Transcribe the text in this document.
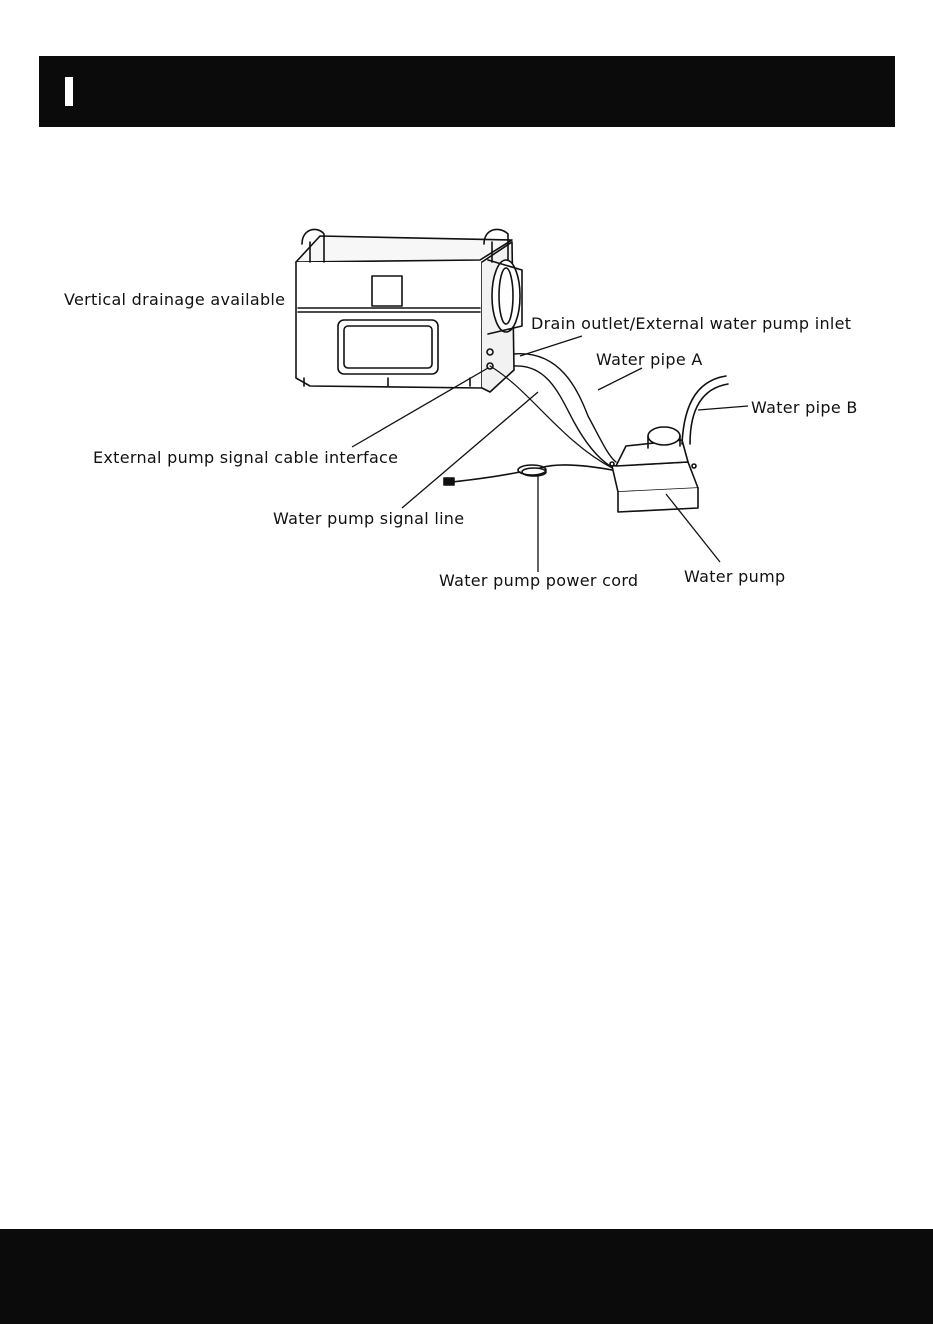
Vertical drainage available
Drain outlet/External water pump inlet
Water pipe A
Water pipe B
External pump signal cable interface
Water pump signal line
Water pump power cord	Water pump
